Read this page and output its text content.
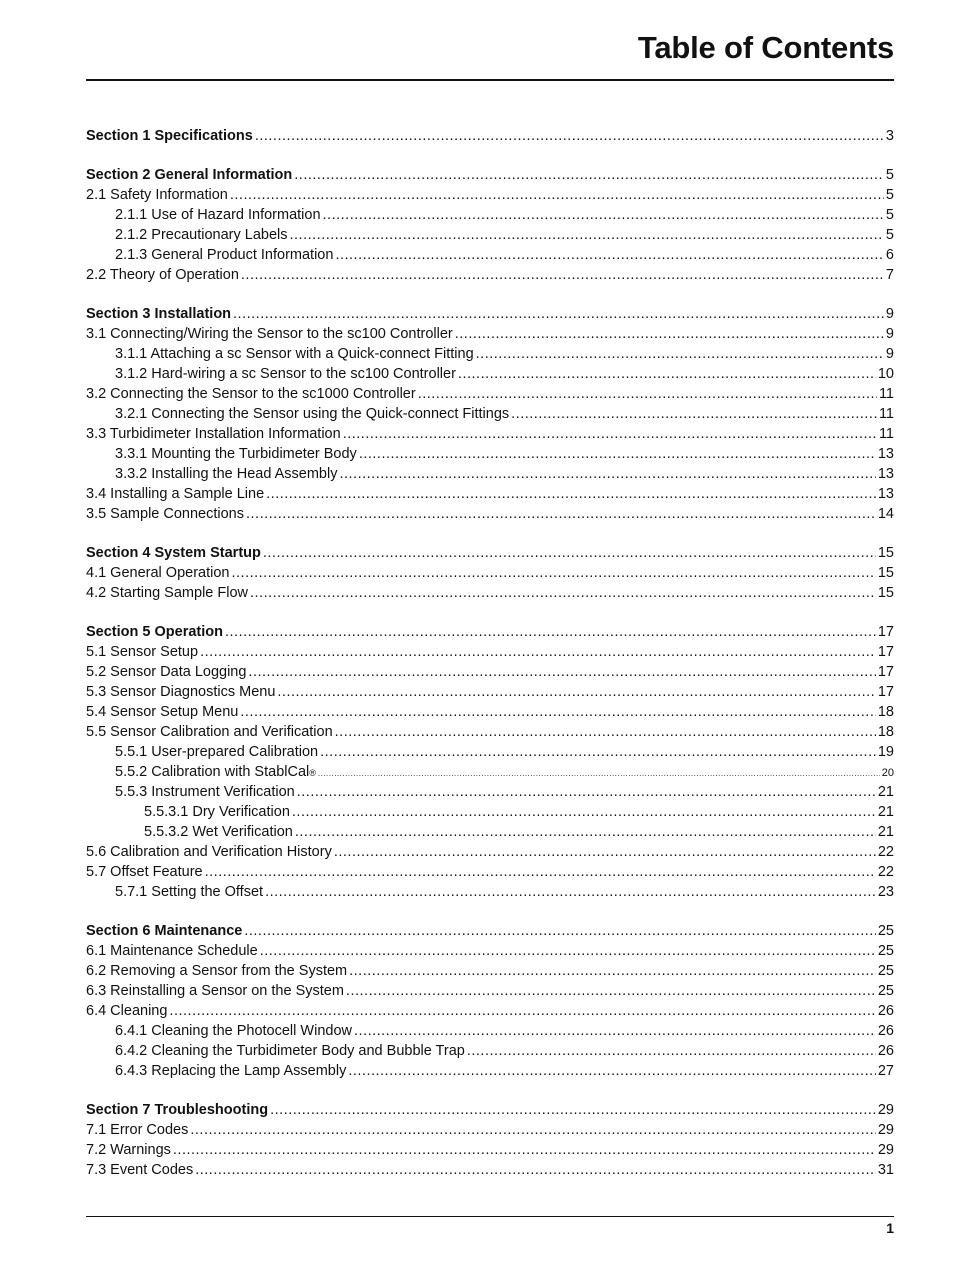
Table of Contents
Section 1 Specifications .....	3
Section 2 General Information .....	5
2.1 Safety Information .....	5
2.1.1 Use of Hazard Information .....	5
2.1.2 Precautionary Labels .....	5
2.1.3 General Product Information .....	6
2.2 Theory of Operation .....	7
Section 3 Installation .....	9
3.1 Connecting/Wiring the Sensor to the sc100 Controller .....	9
3.1.1 Attaching a sc Sensor with a Quick-connect Fitting .....	9
3.1.2 Hard-wiring a sc Sensor to the sc100 Controller .....	10
3.2 Connecting the Sensor to the sc1000 Controller .....	11
3.2.1 Connecting the Sensor using the Quick-connect Fittings .....	11
3.3 Turbidimeter Installation Information .....	11
3.3.1 Mounting the Turbidimeter Body .....	13
3.3.2 Installing the Head Assembly .....	13
3.4 Installing a Sample Line .....	13
3.5 Sample Connections .....	14
Section 4 System Startup .....	15
4.1 General Operation .....	15
4.2 Starting Sample Flow .....	15
Section 5 Operation .....	17
5.1 Sensor Setup .....	17
5.2 Sensor Data Logging .....	17
5.3 Sensor Diagnostics Menu .....	17
5.4 Sensor Setup Menu .....	18
5.5 Sensor Calibration and Verification .....	18
5.5.1 User-prepared Calibration .....	19
5.5.2 Calibration with StablCal ® .....	20
5.5.3 Instrument Verification .....	21
5.5.3.1 Dry Verification .....	21
5.5.3.2 Wet Verification .....	21
5.6 Calibration and Verification History .....	22
5.7 Offset Feature .....	22
5.7.1 Setting the Offset .....	23
Section 6 Maintenance .....	25
6.1 Maintenance Schedule .....	25
6.2 Removing a Sensor from the System .....	25
6.3 Reinstalling a Sensor on the System .....	25
6.4 Cleaning .....	26
6.4.1 Cleaning the Photocell Window .....	26
6.4.2 Cleaning the Turbidimeter Body and Bubble Trap .....	26
6.4.3 Replacing the Lamp Assembly .....	27
Section 7 Troubleshooting .....	29
7.1 Error Codes .....	29
7.2 Warnings .....	29
7.3 Event Codes .....	31
1
